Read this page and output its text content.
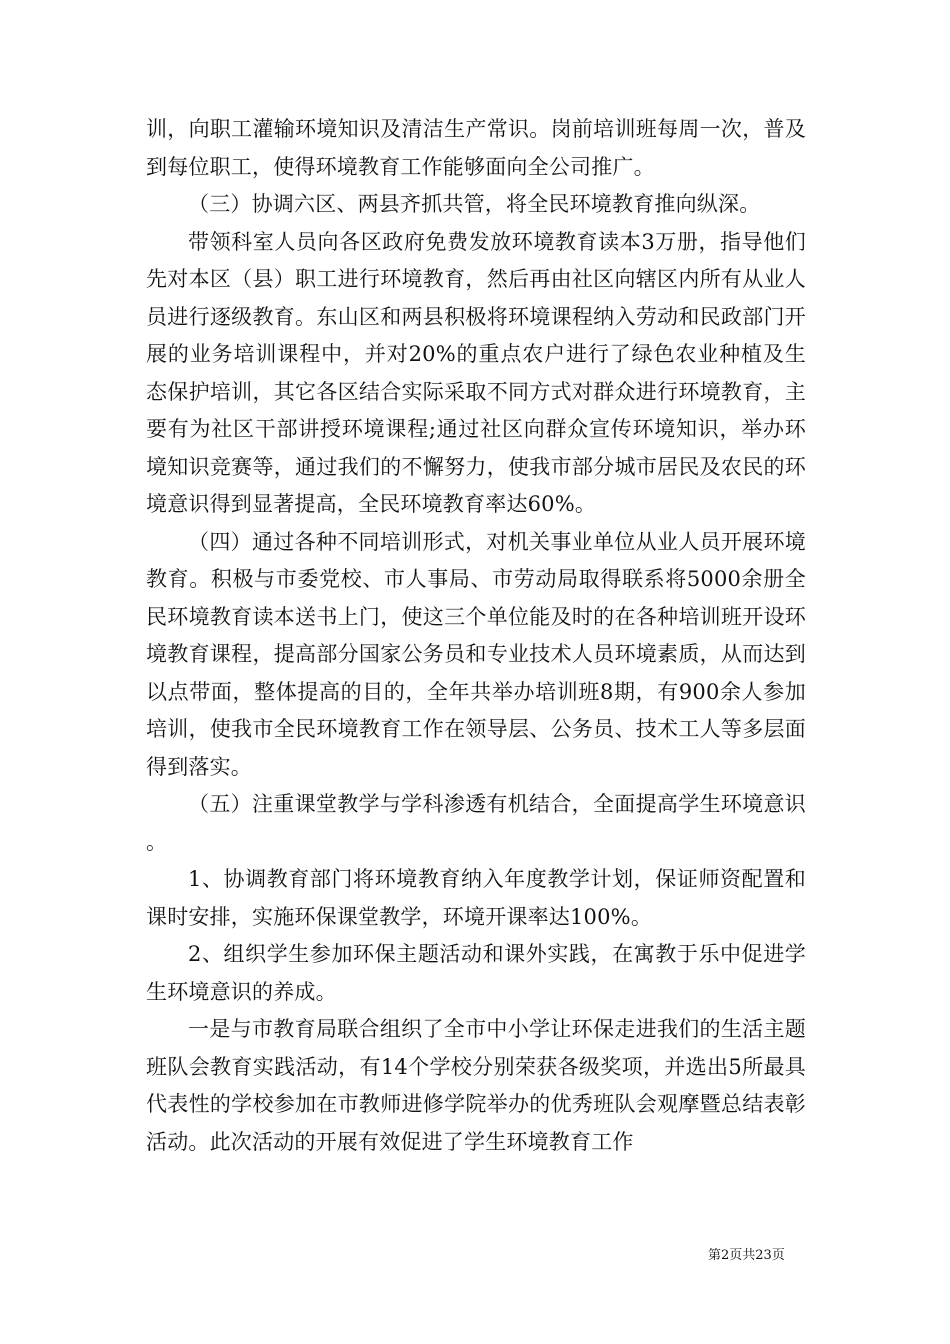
训，向职工灌输环境知识及清洁生产常识。岗前培训班每周一次，普及到每位职工，使得环境教育工作能够面向全公司推广。

（三）协调六区、两县齐抓共管，将全民环境教育推向纵深。

带领科室人员向各区政府免费发放环境教育读本3万册，指导他们先对本区（县）职工进行环境教育，然后再由社区向辖区内所有从业人员进行逐级教育。东山区和两县积极将环境课程纳入劳动和民政部门开展的业务培训课程中，并对20%的重点农户进行了绿色农业种植及生态保护培训，其它各区结合实际采取不同方式对群众进行环境教育，主要有为社区干部讲授环境课程;通过社区向群众宣传环境知识，举办环境知识竞赛等，通过我们的不懈努力，使我市部分城市居民及农民的环境意识得到显著提高，全民环境教育率达60%。

（四）通过各种不同培训形式，对机关事业单位从业人员开展环境教育。积极与市委党校、市人事局、市劳动局取得联系将5000余册全民环境教育读本送书上门，使这三个单位能及时的在各种培训班开设环境教育课程，提高部分国家公务员和专业技术人员环境素质，从而达到以点带面，整体提高的目的，全年共举办培训班8期，有900余人参加培训，使我市全民环境教育工作在领导层、公务员、技术工人等多层面得到落实。

（五）注重课堂教学与学科渗透有机结合，全面提高学生环境意识。

1、协调教育部门将环境教育纳入年度教学计划，保证师资配置和课时安排，实施环保课堂教学，环境开课率达100%。

2、组织学生参加环保主题活动和课外实践，在寓教于乐中促进学生环境意识的养成。

一是与市教育局联合组织了全市中小学让环保走进我们的生活主题班队会教育实践活动，有14个学校分别荣获各级奖项，并选出5所最具代表性的学校参加在市教师进修学院举办的优秀班队会观摩暨总结表彰活动。此次活动的开展有效促进了学生环境教育工作

第2页共23页
